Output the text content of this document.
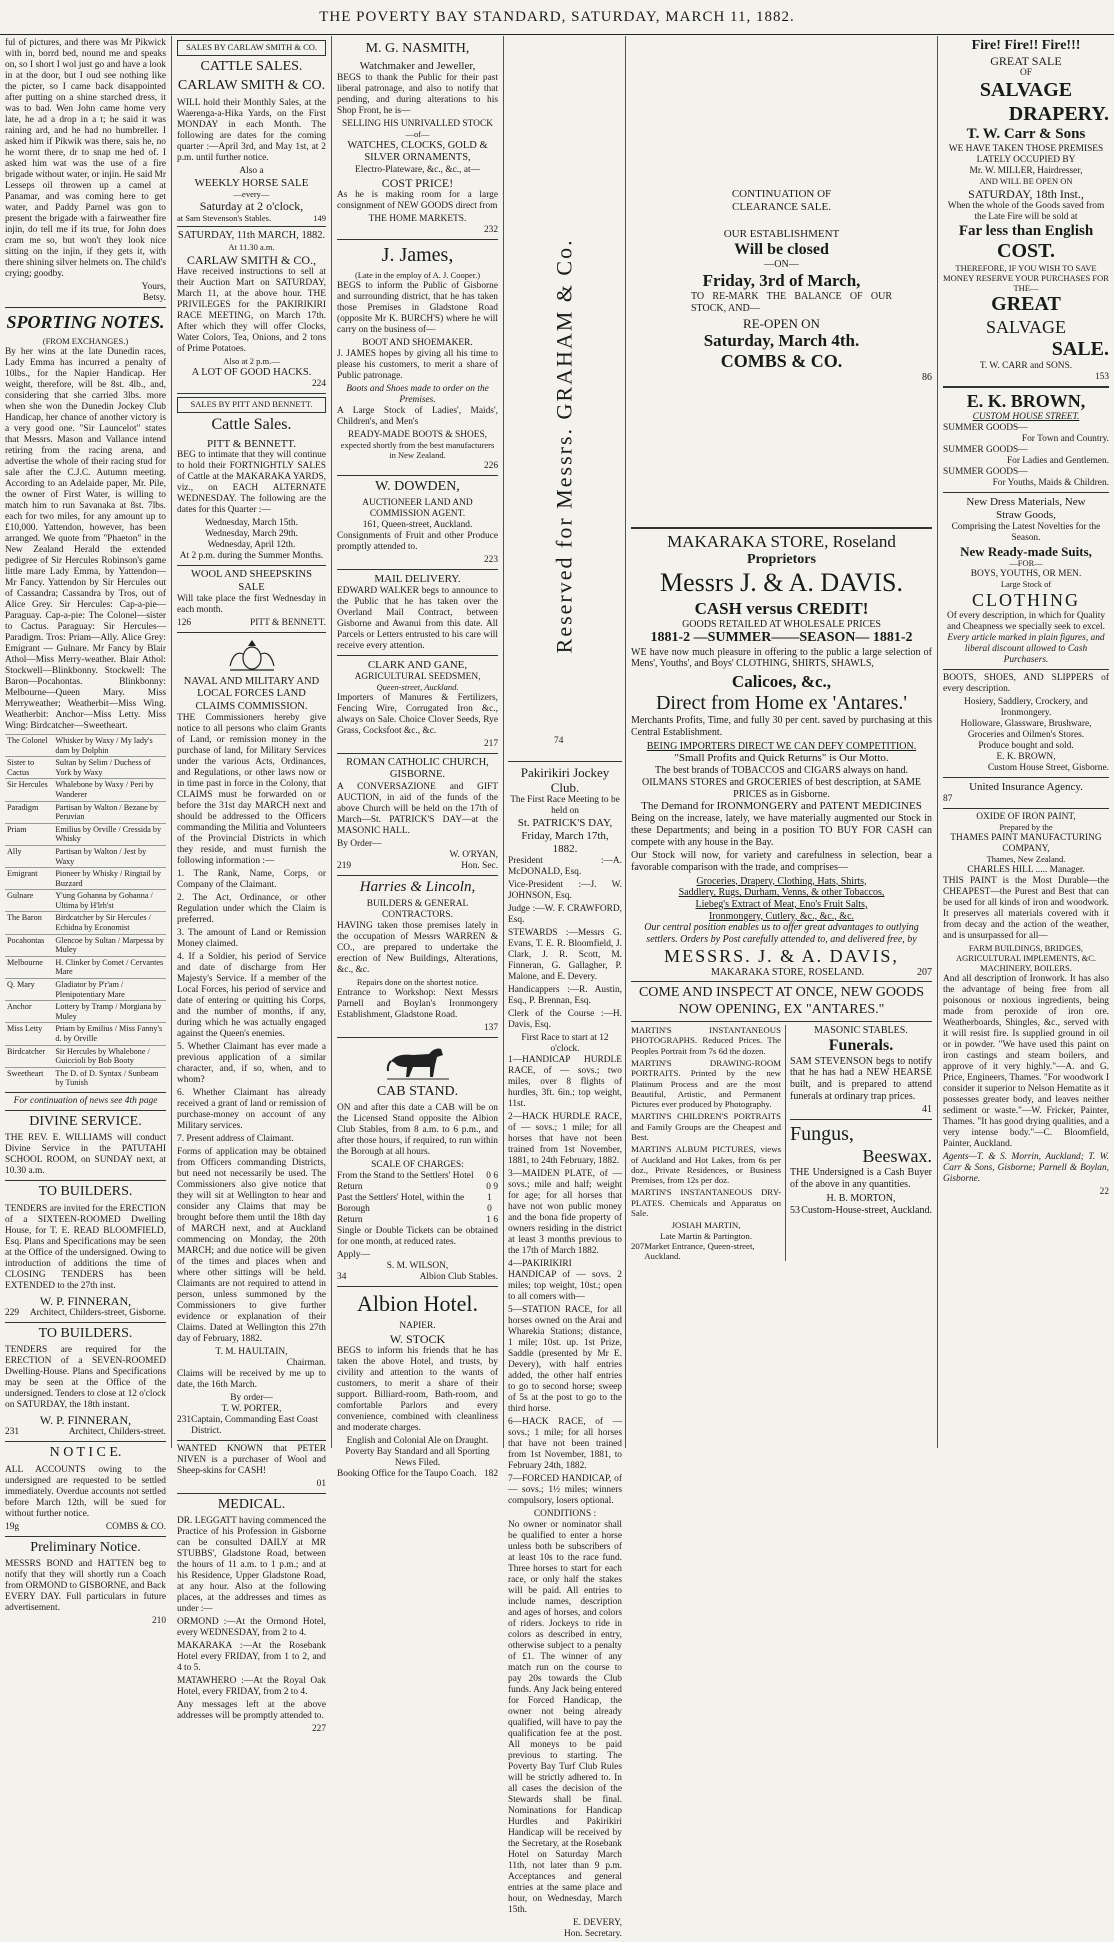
THE POVERTY BAY STANDARD, SATURDAY, MARCH 11, 1882.

ful of pictures, and there was Mr Pikwick with in, borrd bed, nound me and speaks on, so I short I wol just go and have a look in at the door, but I oud see nothing like the picter, so I came back disappointed after putting on a shine starched dress, it was to bad. Wen John came home very late, he ad a drop in a t; he said it was raining ard, and he had no humbreller. I asked him if Pikwik was there, sais he, no he wornt there, dr to snap me hed of. I asked him wat was the use of a fire brigade without water, or injin. He said Mr Lesseps oil throwen up a camel at Panamar, and was coming here to get water, and Paddy Parnel was gon to present the brigade with a fairweather fire injin, do tell me if its true, for John does cram me so, but won't they look nice sitting on the injin, if they gets it, with there shining silver helmets on. The child's crying; goodby.

Yours,
Betsy.
SPORTING NOTES.
(FROM EXCHANGES.)

By her wins at the late Dunedin races, Lady Emma has incurred a penalty of 10lbs., for the Napier Handicap. Her weight, therefore, will be 8st. 4lb., and, considering that she carried 3lbs. more when she won the Dunedin Jockey Club Handicap, her chance of another victory is a very good one. "Sir Launcelot" states that Messrs. Mason and Vallance intend retiring from the racing arena, and advertise the whole of their racing stud for sale after the C.J.C. Autumn meeting. According to an Adelaide paper, Mr. Pile, the owner of First Water, is willing to match him to run Savanaka at 8st. 7lbs. each for two miles, for any amount up to £10,000. Yattendon, however, has been arranged. We quote from "Phaeton" in the New Zealand Herald the extended pedigree of Sir Hercules Robinson's game little mare Lady Emma, by Yattendon—Mr Fancy. Yattendon by Sir Hercules out of Cassandra; Cassandra by Tros, out of Alice Grey. Sir Hercules: Cap-a-pie—Paraguay. Cap-a-pie: The Colonel—sister to Cactus. Paraguay: Sir Hercules—Paradigm. Tros: Priam—Ally. Alice Grey: Emigrant — Gulnare. Mr Fancy by Blair Athol—Miss Merry-weather. Blair Athol: Stockwell—Blinkbonny. Stockwell: The Baron—Pocahontas. Blinkbonny: Melbourne—Queen Mary. Miss Merryweather; Weatherbit—Miss Wing. Weatherbit: Anchor—Miss Letty. Miss Wing: Birdcatcher—Sweetheart.

The Colonel	Whisker by Waxy / My lady's dam by Dolphin
Sister to Cactus	Sultan by Selim / Duchess of York by Waxy
Sir Hercules	Whalebone by Waxy / Peri by Wanderer
Paradigm	Partisan by Walton / Bezane by Peruvian
Priam	Emilius by Orville / Cressida by Whisky
Ally	Partisan by Walton / Jest by Waxy
Emigrant	Pioneer by Whisky / Ringtail by Buzzard
Gulnare	Y'ung Gohanna by Gohanna / Ultima by H'lrh'st
The Baron	Birdcatcher by Sir Hercules / Echidna by Economist
Pocahontas	Glencoe by Sultan / Marpessa by Muley
Melbourne	H. Clinker by Comet / Cervantes Mare
Q. Mary	Gladiator by P'r'am / Plenipotentiary Mare
Anchor	Lottery by Tramp / Morgiana by Muley
Miss Letty	Priam by Emilius / Miss Fanny's d. by Orville
Birdcatcher	Sir Hercules by Whalebone / Guiccioli by Bob Booty
Sweetheart	The D. of D. Syntax / Sunbeam by Tunish
For continuation of news see 4th page
DIVINE SERVICE.

THE REV. E. WILLIAMS will conduct Divine Service in the PATUTAHI SCHOOL ROOM, on SUNDAY next, at 10.30 a.m.

TO BUILDERS.

TENDERS are invited for the ERECTION of a SIXTEEN-ROOMED Dwelling House, for T. E. READ BLOOMFIELD, Esq. Plans and Specifications may be seen at the Office of the undersigned. Owing to introduction of additions the time of CLOSING TENDERS has been EXTENDED to the 27th inst.

W. P. FINNERAN,
229 Architect, Childers-street, Gisborne.
TO BUILDERS.

TENDERS are required for the ERECTION of a SEVEN-ROOMED Dwelling-House. Plans and Specifications may be seen at the Office of the undersigned. Tenders to close at 12 o'clock on SATURDAY, the 18th instant.

W. P. FINNERAN,
231	Architect, Childers-street.
N O T I C E.

ALL ACCOUNTS owing to the undersigned are requested to be settled immediately. Overdue accounts not settled before March 12th, will be sued for without further notice.

19g	COMBS & CO.
Preliminary Notice.

MESSRS BOND and HATTEN beg to notify that they will shortly run a Coach from ORMOND to GISBORNE, and Back EVERY DAY. Full particulars in future advertisement.

210
SALES BY CARLAW SMITH & CO.
CATTLE SALES.
CARLAW SMITH & CO.

WILL hold their Monthly Sales, at the Waerenga-a-Hika Yards, on the First MONDAY in each Month. The following are dates for the coming quarter :—April 3rd, and May 1st, at 2 p.m. until further notice.

Also a
WEEKLY HORSE SALE
—every—
Saturday at 2 o'clock,
at Sam Stevenson's Stables.	149
SATURDAY, 11th MARCH, 1882.
At 11.30 a.m.
CARLAW SMITH & CO.,

Have received instructions to sell at their Auction Mart on SATURDAY, March 11, at the above hour. THE PRIVILEGES for the PAKIRIKIRI RACE MEETING, on March 17th. After which they will offer Clocks, Water Colors, Tea, Onions, and 2 tons of Prime Potatoes.

Also at 2 p.m.—
A LOT OF GOOD HACKS.
224
SALES BY PITT AND BENNETT.
Cattle Sales.
PITT & BENNETT.

BEG to intimate that they will continue to hold their FORTNIGHTLY SALES of Cattle at the MAKARAKA YARDS, viz., on EACH ALTERNATE WEDNESDAY. The following are the dates for this Quarter :—

Wednesday, March 15th.
Wednesday, March 29th.
Wednesday, April 12th.
At 2 p.m. during the Summer Months.
WOOL AND SHEEPSKINS SALE

Will take place the first Wednesday in each month.

126	PITT & BENNETT.
NAVAL AND MILITARY AND LOCAL FORCES LAND CLAIMS COMMISSION.

THE Commissioners hereby give notice to all persons who claim Grants of Land, or remission money in the purchase of land, for Military Services under the various Acts, Ordinances, and Regulations, or other laws now or in time past in force in the Colony, that CLAIMS must be forwarded on or before the 31st day MARCH next and should be addressed to the Officers commanding the Militia and Volunteers of the Provincial Districts in which they reside, and must furnish the following information :—

1. The Rank, Name, Corps, or Company of the Claimant.

2. The Act, Ordinance, or other Regulation under which the Claim is preferred.

3. The amount of Land or Remission Money claimed.

4. If a Soldier, his period of Service and date of discharge from Her Majesty's Service. If a member of the Local Forces, his period of service and date of entering or quitting his Corps, and the number of months, if any, during which he was actually engaged against the Queen's enemies.

5. Whether Claimant has ever made a previous application of a similar character, and, if so, when, and to whom?

6. Whether Claimant has already received a grant of land or remission of purchase-money on account of any Military services.

7. Present address of Claimant.

Forms of application may be obtained from Officers commanding Districts, but need not necessarily be used. The Commissioners also give notice that they will sit at Wellington to hear and consider any Claims that may be brought before them until the 18th day of MARCH next, and at Auckland commencing on Monday, the 20th MARCH; and due notice will be given of the times and places when and where other sittings will be held. Claimants are not required to attend in person, unless summoned by the Commissioners to give further evidence or explanation of their Claims. Dated at Wellington this 27th day of February, 1882.

T. M. HAULTAIN,
Chairman.

Claims will be received by me up to date, the 16th March.

By order—
T. W. PORTER,
231 Captain, Commanding East Coast District.

WANTED KNOWN that PETER NIVEN is a purchaser of Wool and Sheep-skins for CASH!

01
MEDICAL.

DR. LEGGATT having commenced the Practice of his Profession in Gisborne can be consulted DAILY at MR STUBBS', Gladstone Road, between the hours of 11 a.m. to 1 p.m.; and at his Residence, Upper Gladstone Road, at any hour. Also at the following places, at the addresses and times as under :—

ORMOND :—At the Ormond Hotel, every WEDNESDAY, from 2 to 4.

MAKARAKA :—At the Rosebank Hotel every FRIDAY, from 1 to 2, and 4 to 5.

MATAWHERO :—At the Royal Oak Hotel, every FRIDAY, from 2 to 4.

Any messages left at the above addresses will be promptly attended to.

227
M. G. NASMITH,
Watchmaker and Jeweller,

BEGS to thank the Public for their past liberal patronage, and also to notify that pending, and during alterations to his Shop Front, he is—

SELLING HIS UNRIVALLED STOCK
—of—
WATCHES, CLOCKS, GOLD & SILVER ORNAMENTS,
Electro-Plateware, &c., &c., at—
COST PRICE!

As he is making room for a large consignment of NEW GOODS direct from

THE HOME MARKETS.
232
J. James,
(Late in the employ of A. J. Cooper.)

BEGS to inform the Public of Gisborne and surrounding district, that he has taken those Premises in Gladstone Road (opposite Mr K. BURCH'S) where he will carry on the business of—

BOOT AND SHOEMAKER.

J. JAMES hopes by giving all his time to please his customers, to merit a share of Public patronage.

Boots and Shoes made to order on the Premises.

A Large Stock of Ladies', Maids', Children's, and Men's

READY-MADE BOOTS & SHOES,
expected shortly from the best manufacturers in New Zealand.
226
W. DOWDEN,
AUCTIONEER LAND AND COMMISSION AGENT.
161, Queen-street, Auckland.

Consignments of Fruit and other Produce promptly attended to.

223
MAIL DELIVERY.

EDWARD WALKER begs to announce to the Public that he has taken over the Overland Mail Contract, between Gisborne and Awanui from this date. All Parcels or Letters entrusted to his care will receive every attention.

CLARK AND GANE,
AGRICULTURAL SEEDSMEN,
Queen-street, Auckland.

Importers of Manures & Fertilizers, Fencing Wire, Corrugated Iron &c., always on Sale. Choice Clover Seeds, Rye Grass, Cocksfoot &c., &c.

217
ROMAN CATHOLIC CHURCH, GISBORNE.

A CONVERSAZIONE and GIFT AUCTION, in aid of the funds of the above Church will be held on the 17th of March—St. PATRICK'S DAY—at the MASONIC HALL.

By Order—
W. O'RYAN,
219	Hon. Sec.
Harries & Lincoln,
BUILDERS & GENERAL CONTRACTORS.

HAVING taken those premises lately in the occupation of Messrs WARREN & CO., are prepared to undertake the erection of New Buildings, Alterations, &c., &c.

Repairs done on the shortest notice.

Entrance to Workshop: Next Messrs Parnell and Boylan's Ironmongery Establishment, Gladstone Road.

137
CAB STAND.

ON and after this date a CAB will be on the Licensed Stand opposite the Albion Club Stables, from 8 a.m. to 6 p.m., and after those hours, if required, to run within the Borough at all hours.

SCALE OF CHARGES:
From the Stand to the Settlers' Hotel 0 6
Return	0 9
Past the Settlers' Hotel, within the Borough
1 0
Return	1 6

Single or Double Tickets can be obtained for one month, at reduced rates.

Apply—
S. M. WILSON,
34	Albion Club Stables.
Albion Hotel.
NAPIER.
W. STOCK

BEGS to inform his friends that he has taken the above Hotel, and trusts, by civility and attention to the wants of customers, to merit a share of their support. Billiard-room, Bath-room, and comfortable Parlors and every convenience, combined with cleanliness and moderate charges.

English and Colonial Ale on Draught.
Poverty Bay Standard and all Sporting News Filed.
Booking Office for the Taupo Coach. 182
Reserved for Messrs. GRAHAM & Co.
74
Pakirikiri Jockey Club.
The First Race Meeting to be held on
St. PATRICK'S DAY,
Friday, March 17th, 1882.

President :—A. McDONALD, Esq.

Vice-President :—J. W. JOHNSON, Esq.

Judge :—W. F. CRAWFORD, Esq.

STEWARDS :—Messrs G. Evans, T. E. R. Bloomfield, J. Clark, J. R. Scott, M. Finneran, G. Gallagher, P. Malone, and E. Devery.

Handicappers :—R. Austin, Esq., P. Brennan, Esq.

Clerk of the Course :—H. Davis, Esq.

First Race to start at 12 o'clock.

1—HANDICAP HURDLE RACE, of — sovs.; two miles, over 8 flights of hurdles, 3ft. 6in.; top weight, 11st.

2—HACK HURDLE RACE, of — sovs.; 1 mile; for all horses that have not been trained from 1st November, 1881, to 24th February, 1882.

3—MAIDEN PLATE, of — sovs.; mile and half; weight for age; for all horses that have not won public money and the bona fide property of owners residing in the district at least 3 months previous to the 17th of March 1882.

4—PAKIRIKIRI HANDICAP of — sovs. 2 miles; top weight, 10st.; open to all comers with—

5—STATION RACE, for all horses owned on the Arai and Wharekia Stations; distance, 1 mile; 10st. up. 1st Prize, Saddle (presented by Mr E. Devery), with half entries added, the other half entries to go to second horse; sweep of 5s at the post to go to the third horse.

6—HACK RACE, of — sovs.; 1 mile; for all horses that have not been trained from 1st November, 1881, to February 24th, 1882.

7—FORCED HANDICAP, of — sovs.; 1½ miles; winners compulsory, losers optional.

CONDITIONS :

No owner or nominator shall be qualified to enter a horse unless both be subscribers of at least 10s to the race fund. Three horses to start for each race, or only half the stakes will be paid. All entries to include names, description and ages of horses, and colors of riders. Jockeys to ride in colors as described in entry, otherwise subject to a penalty of £1. The winner of any match run on the course to pay 20s towards the Club funds. Any Jack being entered for Forced Handicap, the owner not being already qualified, will have to pay the qualification fee at the post. All moneys to be paid previous to starting. The Poverty Bay Turf Club Rules will be strictly adhered to. In all cases the decision of the Stewards shall be final. Nominations for Handicap Hurdles and Pakirikiri Handicap will be received by the Secretary, at the Rosebank Hotel on Saturday March 11th, not later than 9 p.m. Acceptances and general entries at the same place and hour, on Wednesday, March 15th.

E. DEVERY,
Hon. Secretary.
CONTINUATION OF
CLEARANCE SALE.
OUR ESTABLISHMENT
Will be closed
—ON—
Friday, 3rd of March,

TO RE-MARK THE BALANCE OF OUR STOCK, AND—

RE-OPEN ON
Saturday, March 4th.
COMBS & CO.
86
MAKARAKA STORE, Roseland
Proprietors
Messrs J. & A. DAVIS.
CASH versus CREDIT!
GOODS RETAILED AT WHOLESALE PRICES
1881-2 —SUMMER——SEASON— 1881-2

WE have now much pleasure in offering to the public a large selection of Mens', Youths', and Boys' CLOTHING, SHIRTS, SHAWLS,

Calicoes, &c.,
Direct from Home ex 'Antares.'

Merchants Profits, Time, and fully 30 per cent. saved by purchasing at this Central Establishment.

BEING IMPORTERS DIRECT WE CAN DEFY COMPETITION.
"Small Profits and Quick Returns" is Our Motto.
The best brands of TOBACCOS and CIGARS always on hand.
OILMANS STORES and GROCERIES of best description, at SAME PRICES as in Gisborne.
The Demand for IRONMONGERY and PATENT MEDICINES

Being on the increase, lately, we have materially augmented our Stock in these Departments; and being in a position TO BUY FOR CASH can compete with any house in the Bay.

Our Stock will now, for variety and carefulness in selection, bear a favorable comparison with the trade, and comprises—

Groceries, Drapery, Clothing, Hats, Shirts,
Saddlery, Rugs, Durham, Venns, & other Tobaccos,
Liebeg's Extract of Meat, Eno's Fruit Salts,
Ironmongery, Cutlery, &c., &c., &c.
Our central position enables us to offer great advantages to outlying settlers. Orders by Post carefully attended to, and delivered free, by
MESSRS. J. & A. DAVIS,
MAKARAKA STORE, ROSELAND.	207
COME AND INSPECT AT ONCE, NEW GOODS NOW OPENING, EX "ANTARES."

MARTIN'S INSTANTANEOUS PHOTOGRAPHS. Reduced Prices. The Peoples Portrait from 7s 6d the dozen.

MARTIN'S DRAWING-ROOM PORTRAITS. Printed by the new Platinum Process and are the most Beautiful, Artistic, and Permanent Pictures ever produced by Photography.

MARTIN'S CHILDREN'S PORTRAITS and Family Groups are the Cheapest and Best.

MARTIN'S ALBUM PICTURES, views of Auckland and Hot Lakes, from 6s per doz., Private Residences, or Business Premises, from 12s per doz.

MARTIN'S INSTANTANEOUS DRY-PLATES. Chemicals and Apparatus on Sale.

JOSIAH MARTIN,
Late Martin & Partington.
207 Market Entrance, Queen-street, Auckland.
MASONIC STABLES.
Funerals.

SAM STEVENSON begs to notify that he has had a NEW HEARSE built, and is prepared to attend funerals at ordinary trap prices.

41
Fungus,
Beeswax.

THE Undersigned is a Cash Buyer of the above in any quantities.

H. B. MORTON,
53 Custom-House-street, Auckland.
Fire! Fire!! Fire!!!
GREAT SALE
OF
SALVAGE
DRAPERY.
T. W. Carr & Sons
WE HAVE TAKEN THOSE PREMISES LATELY OCCUPIED BY
Mr. W. MILLER, Hairdresser,
AND WILL BE OPEN ON
SATURDAY, 18th Inst.,
When the whole of the Goods saved from the Late Fire will be sold at
Far less than English
COST.
THEREFORE, IF YOU WISH TO SAVE MONEY RESERVE YOUR PURCHASES FOR THE—
GREAT
SALVAGE
SALE.
T. W. CARR and SONS.
153
E. K. BROWN,
CUSTOM HOUSE STREET.
SUMMER GOODS—
For Town and Country.
SUMMER GOODS—
For Ladies and Gentlemen.
SUMMER GOODS—
For Youths, Maids & Children.
New Dress Materials, New
Straw Goods,
Comprising the Latest Novelties for the Season.
New Ready-made Suits,
—FOR—
BOYS, YOUTHS, OR MEN.
Large Stock of
CLOTHING
Of every description, in which for Quality and Cheapness we specially seek to excel.
Every article marked in plain figures, and liberal discount allowed to Cash Purchasers.

BOOTS, SHOES, AND SLIPPERS of every description.

Hosiery, Saddlery, Crockery, and Ironmongery.
Holloware, Glassware, Brushware, Groceries and Oilmen's Stores.
Produce bought and sold.
E. K. BROWN,
Custom House Street, Gisborne.
United Insurance Agency.
87
OXIDE OF IRON PAINT,
Prepared by the
THAMES PAINT MANUFACTURING COMPANY,
Thames, New Zealand.
CHARLES HILL ..... Manager.

THIS PAINT is the Most Durable—the CHEAPEST—the Purest and Best that can be used for all kinds of iron and woodwork. It preserves all materials covered with it from decay and the action of the weather, and is unsurpassed for all—

FARM BUILDINGS, BRIDGES, AGRICULTURAL IMPLEMENTS, &C. MACHINERY, BOILERS.

And all description of Ironwork. It has also the advantage of being free from all poisonous or noxious ingredients, being made from peroxide of iron ore. Weatherboards, Shingles, &c., served with it will resist fire. Is supplied ground in oil or in powder. "We have used this paint on iron castings and steam boilers, and approve of it very highly."—A. and G. Price, Engineers, Thames. "For woodwork I consider it superior to Nelson Hematite as it possesses greater body, and leaves neither sediment or waste."—W. Fricker, Painter, Thames. "It has good drying qualities, and a very intense body."—C. Bloomfield, Painter, Auckland.

Agents—T. & S. Morrin, Auckland; T. W. Carr & Sons, Gisborne; Parnell & Boylan, Gisborne.

22
